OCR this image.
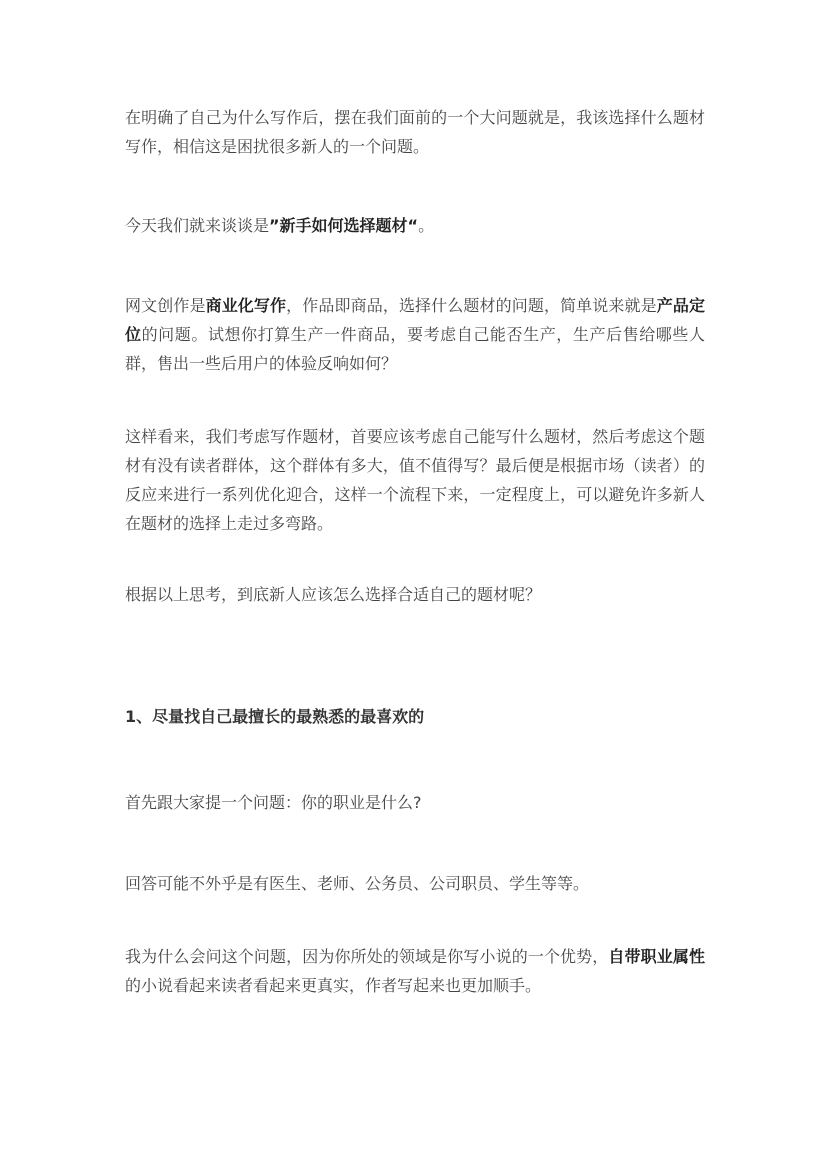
在明确了自己为什么写作后，摆在我们面前的一个大问题就是，我该选择什么题材写作，相信这是困扰很多新人的一个问题。

今天我们就来谈谈是”新手如何选择题材“。

网文创作是商业化写作，作品即商品，选择什么题材的问题，简单说来就是产品定位的问题。试想你打算生产一件商品，要考虑自己能否生产，生产后售给哪些人群，售出一些后用户的体验反响如何？

这样看来，我们考虑写作题材，首要应该考虑自己能写什么题材，然后考虑这个题材有没有读者群体，这个群体有多大，值不值得写？最后便是根据市场（读者）的反应来进行一系列优化迎合，这样一个流程下来，一定程度上，可以避免许多新人在题材的选择上走过多弯路。

根据以上思考，到底新人应该怎么选择合适自己的题材呢？

1、尽量找自己最擅长的最熟悉的最喜欢的

首先跟大家提一个问题：你的职业是什么?

回答可能不外乎是有医生、老师、公务员、公司职员、学生等等。

我为什么会问这个问题，因为你所处的领域是你写小说的一个优势，自带职业属性的小说看起来读者看起来更真实，作者写起来也更加顺手。
